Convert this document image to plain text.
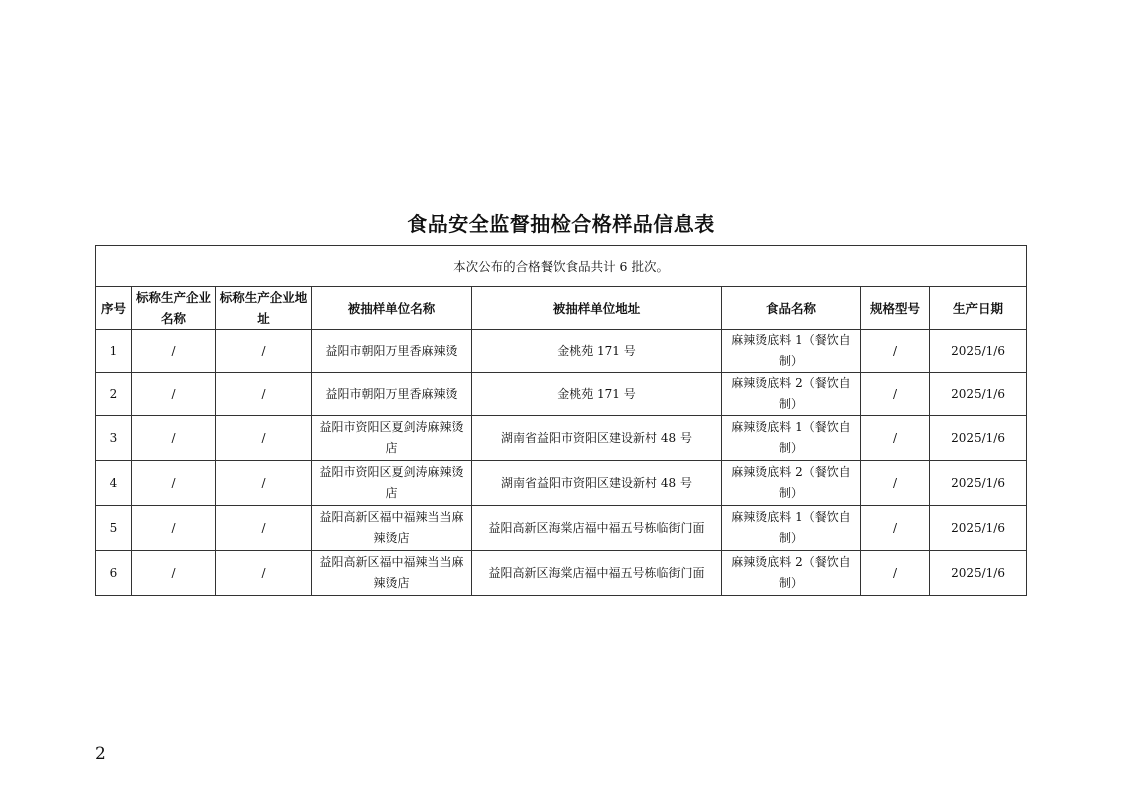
食品安全监督抽检合格样品信息表
本次公布的合格餐饮食品共计 6 批次。							
序号	标称生产企业名称	标称生产企业地址	被抽样单位名称	被抽样单位地址	食品名称	规格型号	生产日期
1	/	/	益阳市朝阳万里香麻辣烫	金桃苑 171 号	麻辣烫底料 1（餐饮自制）	/	2025/1/6
2	/	/	益阳市朝阳万里香麻辣烫	金桃苑 171 号	麻辣烫底料 2（餐饮自制）	/	2025/1/6
3	/	/	益阳市资阳区夏剑涛麻辣烫店	湖南省益阳市资阳区建设新村 48 号	麻辣烫底料 1（餐饮自制）	/	2025/1/6
4	/	/	益阳市资阳区夏剑涛麻辣烫店	湖南省益阳市资阳区建设新村 48 号	麻辣烫底料 2（餐饮自制）	/	2025/1/6
5	/	/	益阳高新区福中福辣当当麻辣烫店	益阳高新区海棠店福中福五号栋临街门面	麻辣烫底料 1（餐饮自制）	/	2025/1/6
6	/	/	益阳高新区福中福辣当当麻辣烫店	益阳高新区海棠店福中福五号栋临街门面	麻辣烫底料 2（餐饮自制）	/	2025/1/6
2
